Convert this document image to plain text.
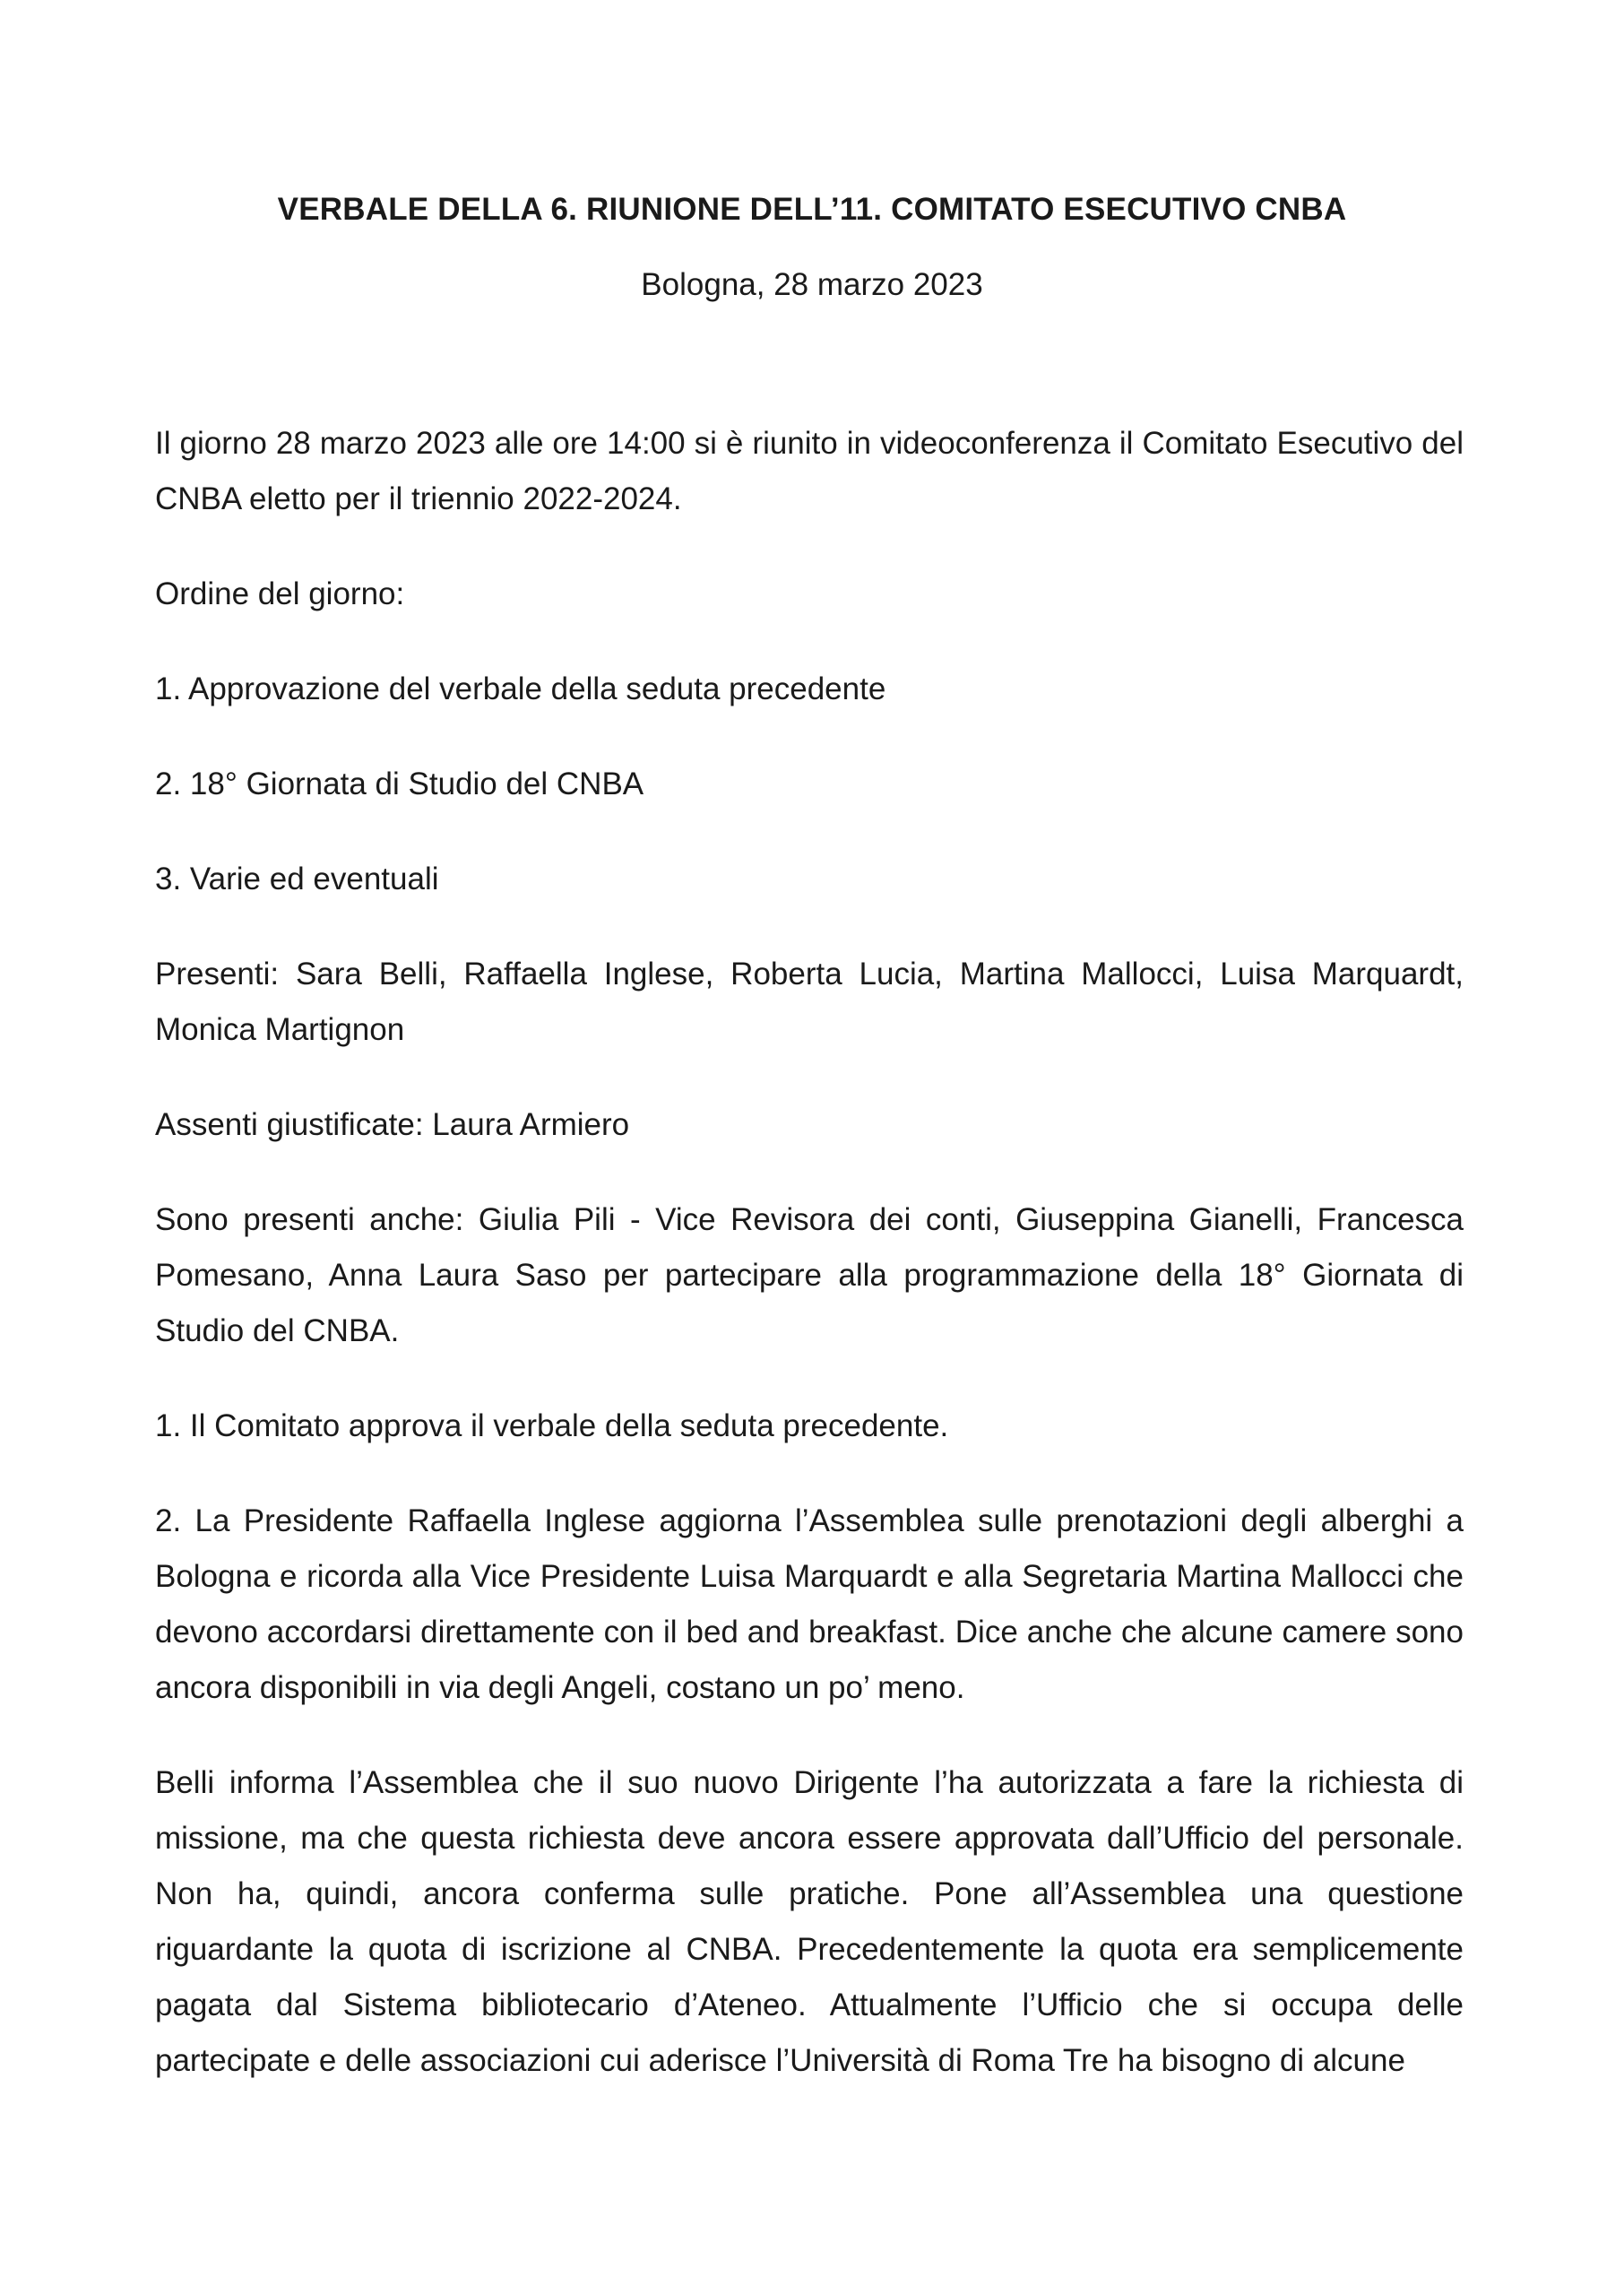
VERBALE DELLA 6. RIUNIONE DELL’11. COMITATO ESECUTIVO CNBA

Bologna, 28 marzo 2023

Il giorno 28 marzo 2023 alle ore 14:00 si è riunito in videoconferenza il Comitato Esecutivo del CNBA eletto per il triennio 2022-2024.

Ordine del giorno:

1. Approvazione del verbale della seduta precedente

2. 18° Giornata di Studio del CNBA

3. Varie ed eventuali

Presenti: Sara Belli, Raffaella Inglese, Roberta Lucia, Martina Mallocci, Luisa Marquardt, Monica Martignon

Assenti giustificate: Laura Armiero

Sono presenti anche: Giulia Pili - Vice Revisora dei conti, Giuseppina Gianelli, Francesca Pomesano, Anna Laura Saso per partecipare alla programmazione della 18° Giornata di Studio del CNBA.

1. Il Comitato approva il verbale della seduta precedente.

2. La Presidente Raffaella Inglese aggiorna l’Assemblea sulle prenotazioni degli alberghi a Bologna e ricorda alla Vice Presidente Luisa Marquardt e alla Segretaria Martina Mallocci che devono accordarsi direttamente con il bed and breakfast. Dice anche che alcune camere sono ancora disponibili in via degli Angeli, costano un po’ meno.

Belli informa l’Assemblea che il suo nuovo Dirigente l’ha autorizzata a fare la richiesta di missione, ma che questa richiesta deve ancora essere approvata dall’Ufficio del personale. Non ha, quindi, ancora conferma sulle pratiche. Pone all’Assemblea una questione riguardante la quota di iscrizione al CNBA. Precedentemente la quota era semplicemente pagata dal Sistema bibliotecario d’Ateneo. Attualmente l’Ufficio che si occupa delle partecipate e delle associazioni cui aderisce l’Università di Roma Tre ha bisogno di alcune
